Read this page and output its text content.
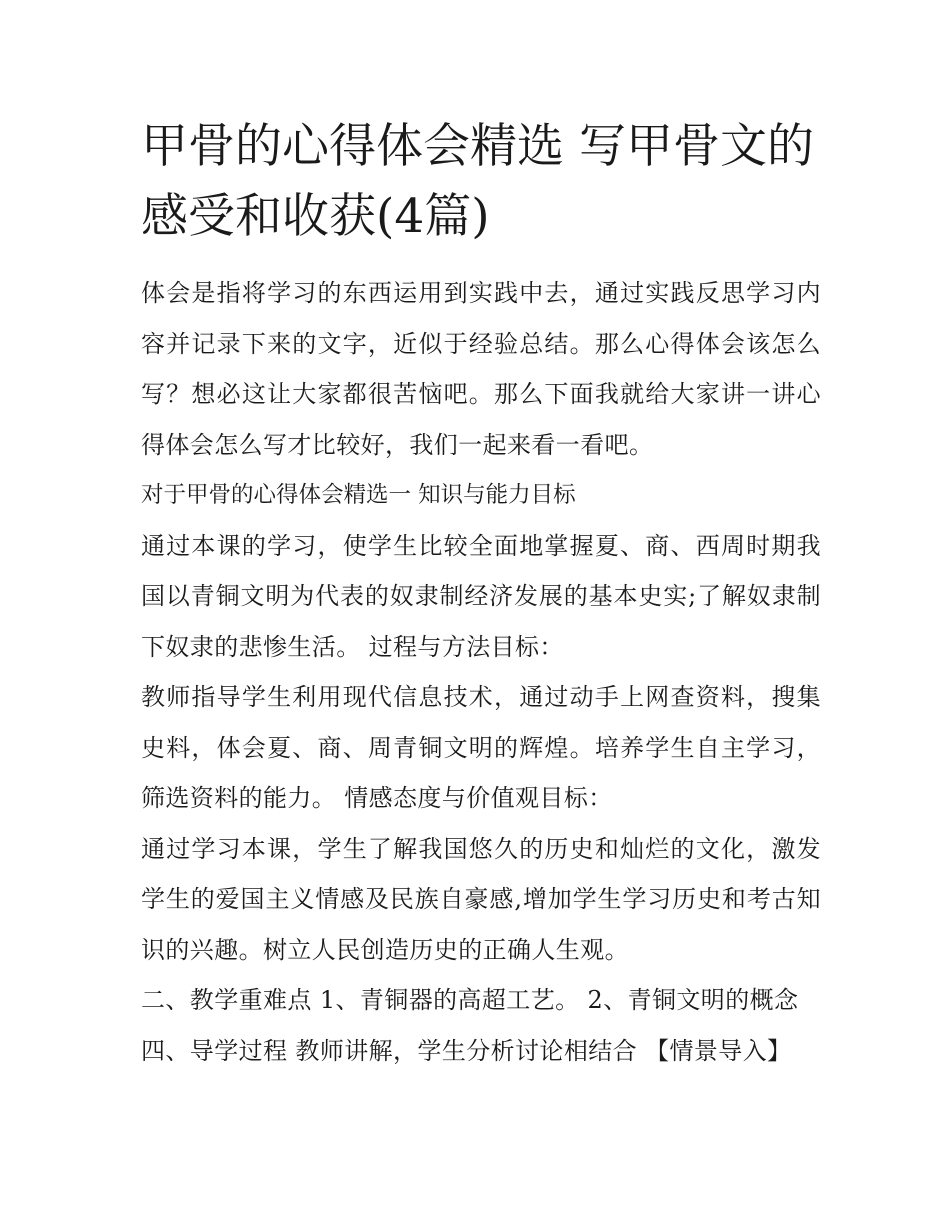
甲骨的心得体会精选 写甲骨文的感受和收获(4篇)

体会是指将学习的东西运用到实践中去，通过实践反思学习内容并记录下来的文字，近似于经验总结。那么心得体会该怎么写？想必这让大家都很苦恼吧。那么下面我就给大家讲一讲心得体会怎么写才比较好，我们一起来看一看吧。

对于甲骨的心得体会精选一 知识与能力目标

通过本课的学习，使学生比较全面地掌握夏、商、西周时期我国以青铜文明为代表的奴隶制经济发展的基本史实;了解奴隶制下奴隶的悲惨生活。 过程与方法目标：

教师指导学生利用现代信息技术，通过动手上网查资料，搜集史料，体会夏、商、周青铜文明的辉煌。培养学生自主学习，筛选资料的能力。 情感态度与价值观目标：

通过学习本课，学生了解我国悠久的历史和灿烂的文化，激发学生的爱国主义情感及民族自豪感,增加学生学习历史和考古知识的兴趣。树立人民创造历史的正确人生观。

二、教学重难点 1、青铜器的高超工艺。 2、青铜文明的概念

四、导学过程 教师讲解，学生分析讨论相结合 【情景导入】
